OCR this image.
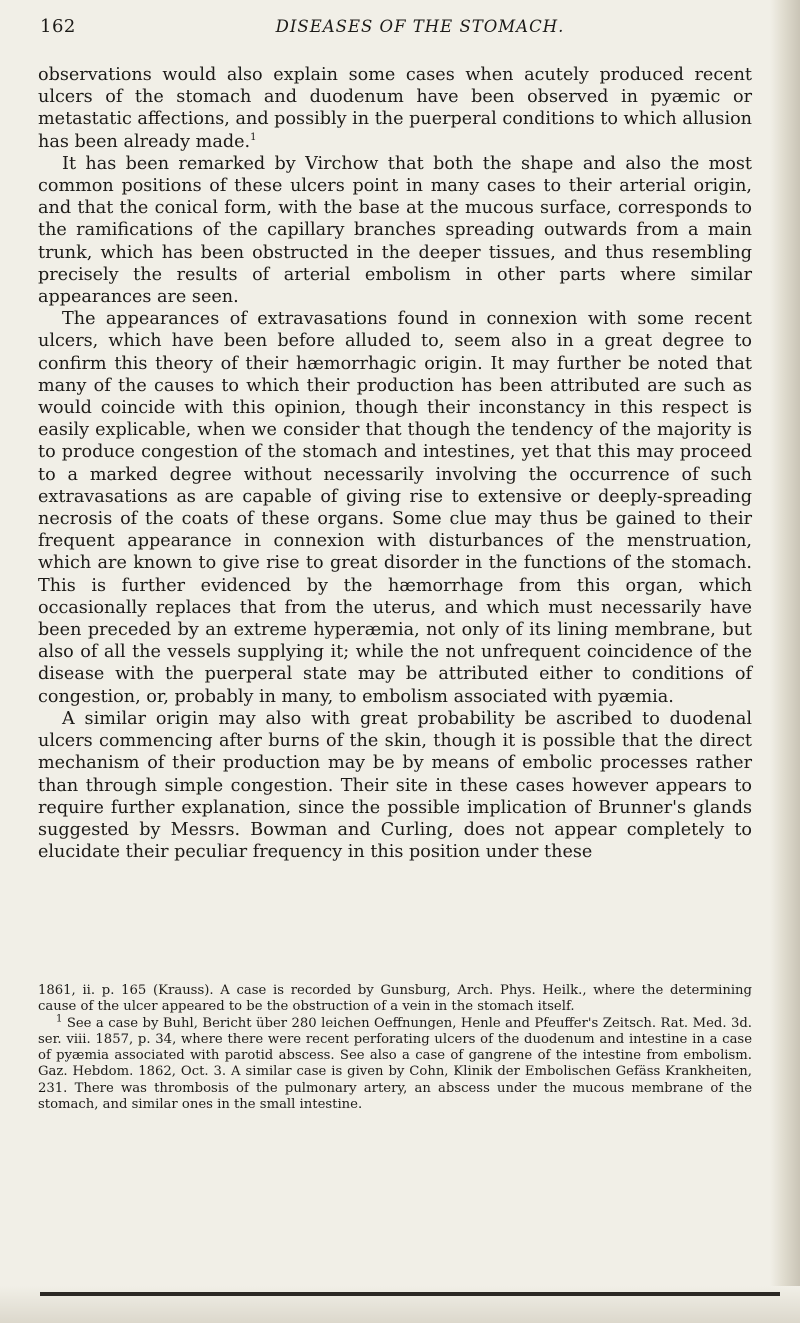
162	DISEASES OF THE STOMACH.

observations would also explain some cases when acutely produced recent ulcers of the stomach and duodenum have been observed in pyæmic or metastatic affections, and possibly in the puerperal conditions to which allusion has been already made.$^1$

It has been remarked by Virchow that both the shape and also the most common positions of these ulcers point in many cases to their arterial origin, and that the conical form, with the base at the mucous surface, corresponds to the ramifications of the capillary branches spreading outwards from a main trunk, which has been obstructed in the deeper tissues, and thus resembling precisely the results of arterial embolism in other parts where similar appearances are seen.

The appearances of extravasations found in connexion with some recent ulcers, which have been before alluded to, seem also in a great degree to confirm this theory of their hæmorrhagic origin. It may further be noted that many of the causes to which their production has been attributed are such as would coincide with this opinion, though their inconstancy in this respect is easily explicable, when we consider that though the tendency of the majority is to produce congestion of the stomach and intestines, yet that this may proceed to a marked degree without necessarily involving the occurrence of such extravasations as are capable of giving rise to extensive or deeply-spreading necrosis of the coats of these organs. Some clue may thus be gained to their frequent appearance in connexion with disturbances of the menstruation, which are known to give rise to great disorder in the functions of the stomach. This is further evidenced by the hæmorrhage from this organ, which occasionally replaces that from the uterus, and which must necessarily have been preceded by an extreme hyperæmia, not only of its lining membrane, but also of all the vessels supplying it; while the not unfrequent coincidence of the disease with the puerperal state may be attributed either to conditions of congestion, or, probably in many, to embolism associated with pyæmia.

A similar origin may also with great probability be ascribed to duodenal ulcers commencing after burns of the skin, though it is possible that the direct mechanism of their production may be by means of embolic processes rather than through simple congestion. Their site in these cases however appears to require further explanation, since the possible implication of Brunner's glands suggested by Messrs. Bowman and Curling, does not appear completely to elucidate their peculiar frequency in this position under these

1861, ii. p. 165 (Krauss). A case is recorded by Gunsburg, Arch. Phys. Heilk., where the determining cause of the ulcer appeared to be the obstruction of a vein in the stomach itself.

$^1$ See a case by Buhl, Bericht über 280 leichen Oeffnungen, Henle and Pfeuffer's Zeitsch. Rat. Med. 3d. ser. viii. 1857, p. 34, where there were recent perforating ulcers of the duodenum and intestine in a case of pyæmia associated with parotid abscess. See also a case of gangrene of the intestine from embolism. Gaz. Hebdom. 1862, Oct. 3. A similar case is given by Cohn, Klinik der Embolischen Gefäss Krankheiten, 231. There was thrombosis of the pulmonary artery, an abscess under the mucous membrane of the stomach, and similar ones in the small intestine.
